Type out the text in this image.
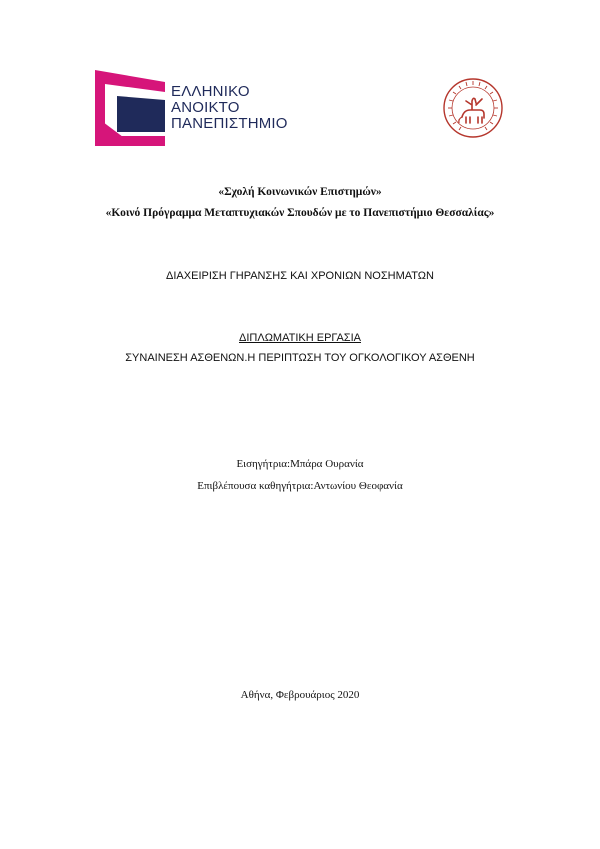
ΕΛΛΗΝΙΚΟ
ΑΝΟΙΚΤΟ
ΠΑΝΕΠΙΣΤΗΜΙΟ
«Σχολή Κοινωνικών Επιστημών»
«Κοινό Πρόγραμμα Μεταπτυχιακών Σπουδών με το Πανεπιστήμιο Θεσσαλίας»
ΔΙΑΧΕΙΡΙΣΗ ΓΗΡΑΝΣΗΣ ΚΑΙ ΧΡΟΝΙΩΝ ΝΟΣΗΜΑΤΩΝ
ΔΙΠΛΩΜΑΤΙΚΗ ΕΡΓΑΣΙΑ
ΣΥΝΑΙΝΕΣΗ ΑΣΘΕΝΩΝ.Η ΠΕΡΙΠΤΩΣΗ ΤΟΥ ΟΓΚΟΛΟΓΙΚΟΥ ΑΣΘΕΝΗ
Εισηγήτρια:Μπάρα Ουρανία
Επιβλέπουσα καθηγήτρια:Αντωνίου Θεοφανία
Αθήνα, Φεβρουάριος 2020
